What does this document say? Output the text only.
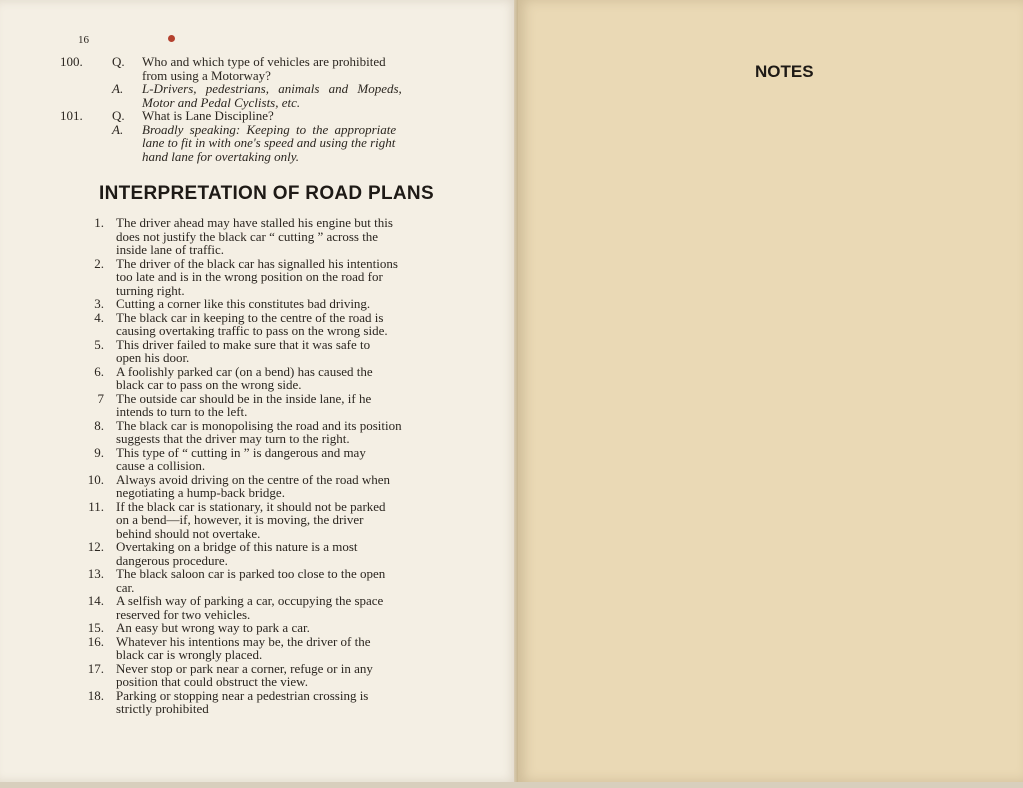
16
100.	Q.	Who and which type of vehicles are prohibited
from using a Motorway?
A.	L-Drivers, pedestrians, animals and Mopeds,
Motor and Pedal Cyclists, etc.
101.	Q.	What is Lane Discipline?
A.	Broadly speaking: Keeping to the appropriate
lane to fit in with one's speed and using the right
hand lane for overtaking only.
INTERPRETATION OF ROAD PLANS
1. The driver ahead may have stalled his engine but this
does not justify the black car “ cutting ” across the
inside lane of traffic.
2. The driver of the black car has signalled his intentions
too late and is in the wrong position on the road for
turning right.
3. Cutting a corner like this constitutes bad driving.
4. The black car in keeping to the centre of the road is
causing overtaking traffic to pass on the wrong side.
5. This driver failed to make sure that it was safe to
open his door.
6. A foolishly parked car (on a bend) has caused the
black car to pass on the wrong side.
7 The outside car should be in the inside lane, if he
intends to turn to the left.
8. The black car is monopolising the road and its position
suggests that the driver may turn to the right.
9. This type of “ cutting in ” is dangerous and may
cause a collision.
10. Always avoid driving on the centre of the road when
negotiating a hump-back bridge.
11. If the black car is stationary, it should not be parked
on a bend—if, however, it is moving, the driver
behind should not overtake.
12. Overtaking on a bridge of this nature is a most
dangerous procedure.
13. The black saloon car is parked too close to the open
car.
14. A selfish way of parking a car, occupying the space
reserved for two vehicles.
15. An easy but wrong way to park a car.
16. Whatever his intentions may be, the driver of the
black car is wrongly placed.
17. Never stop or park near a corner, refuge or in any
position that could obstruct the view.
18. Parking or stopping near a pedestrian crossing is
strictly prohibited
NOTES
